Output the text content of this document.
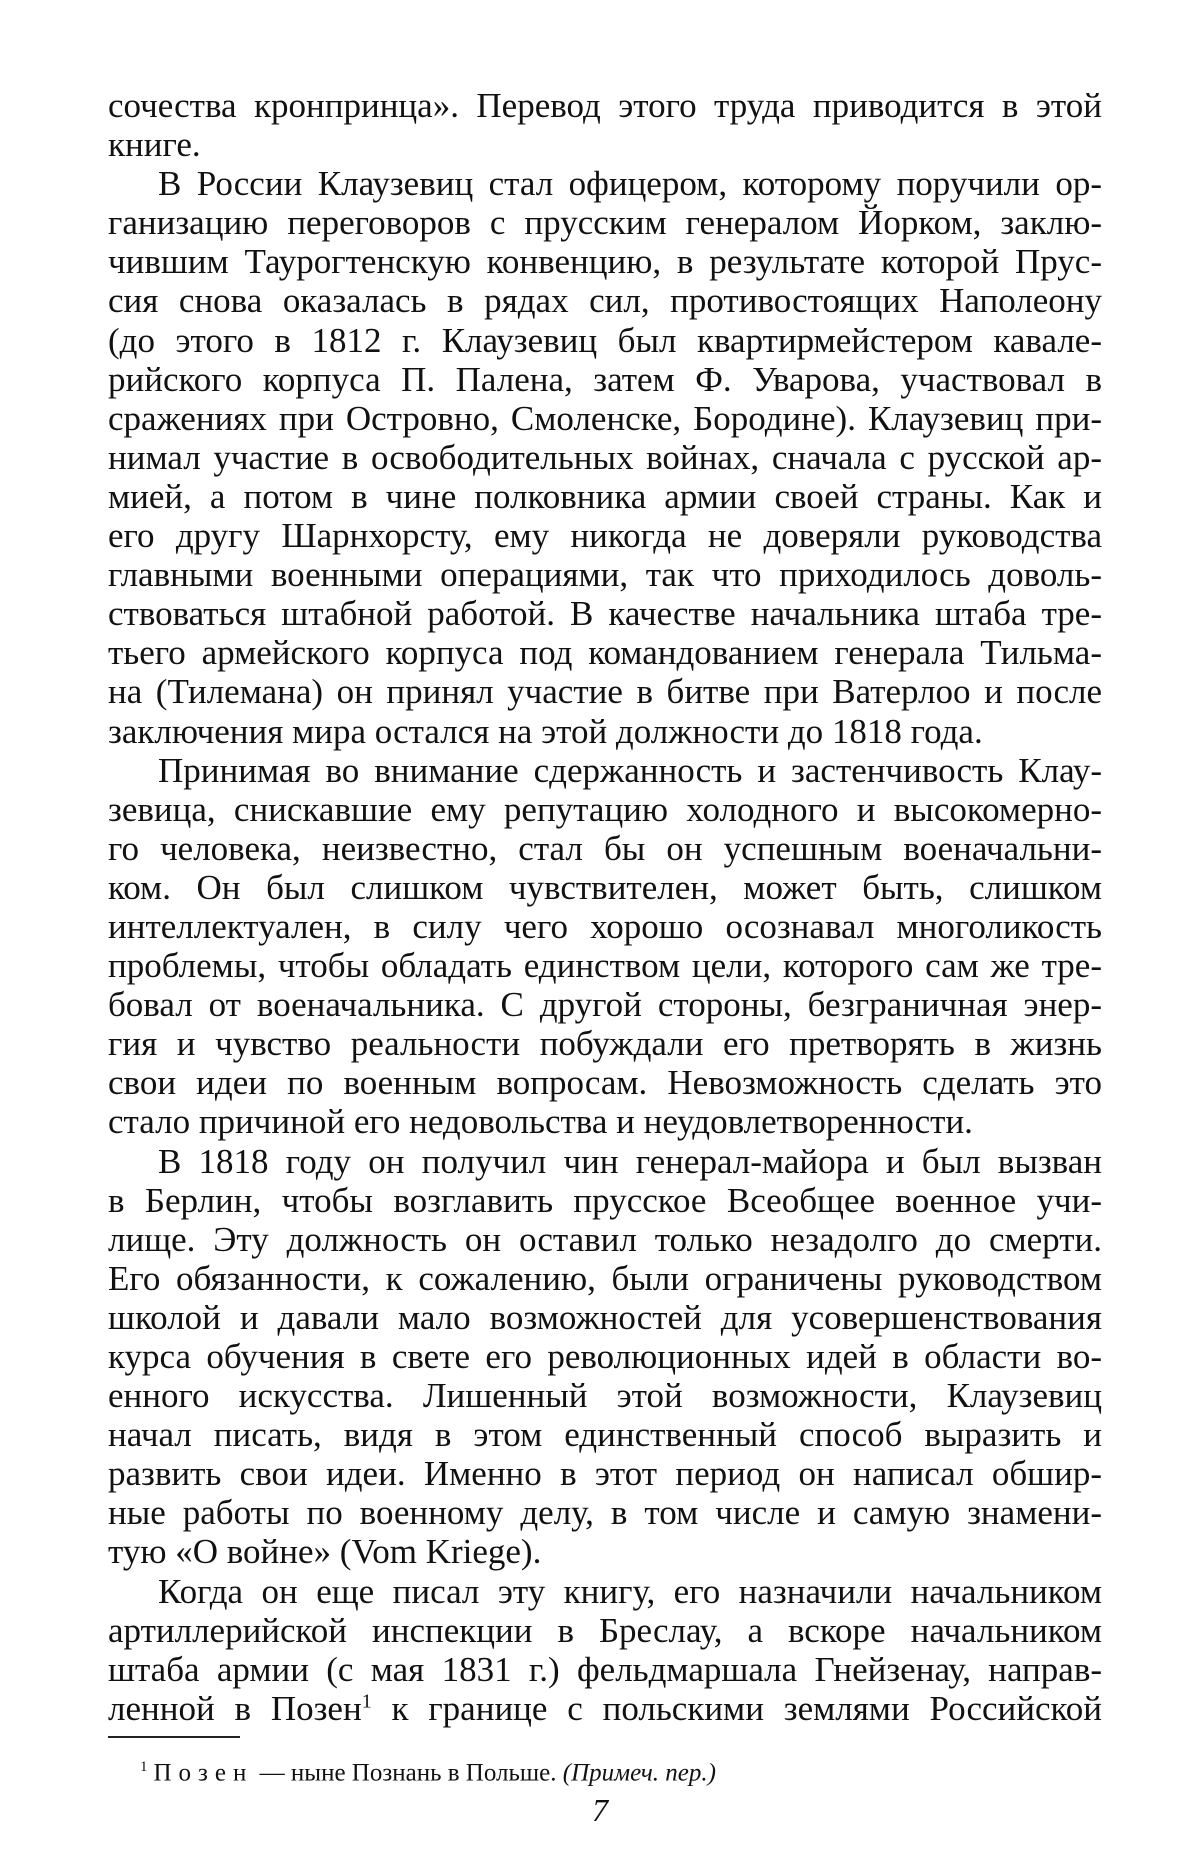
сочества кронпринца». Перевод этого труда приводится в этой
книге.
В России Клаузевиц стал офицером, которому поручили ор-
ганизацию переговоров с прусским генералом Йорком, заклю-
чившим Таурогтенскую конвенцию, в результате которой Прус-
сия снова оказалась в рядах сил, противостоящих Наполеону
(до этого в 1812 г. Клаузевиц был квартирмейстером кавале-
рийского корпуса П. Палена, затем Ф. Уварова, участвовал в
сражениях при Островно, Смоленске, Бородине). Клаузевиц при-
нимал участие в освободительных войнах, сначала с русской ар-
мией, а потом в чине полковника армии своей страны. Как и
его другу Шарнхорсту, ему никогда не доверяли руководства
главными военными операциями, так что приходилось доволь-
ствоваться штабной работой. В качестве начальника штаба тре-
тьего армейского корпуса под командованием генерала Тильма-
на (Тилемана) он принял участие в битве при Ватерлоо и после
заключения мира остался на этой должности до 1818 года.
Принимая во внимание сдержанность и застенчивость Клау-
зевица, снискавшие ему репутацию холодного и высокомерно-
го человека, неизвестно, стал бы он успешным военачальни-
ком. Он был слишком чувствителен, может быть, слишком
интеллектуален, в силу чего хорошо осознавал многоликость
проблемы, чтобы обладать единством цели, которого сам же тре-
бовал от военачальника. С другой стороны, безграничная энер-
гия и чувство реальности побуждали его претворять в жизнь
свои идеи по военным вопросам. Невозможность сделать это
стало причиной его недовольства и неудовлетворенности.
В 1818 году он получил чин генерал-майора и был вызван
в Берлин, чтобы возглавить прусское Всеобщее военное учи-
лище. Эту должность он оставил только незадолго до смерти.
Его обязанности, к сожалению, были ограничены руководством
школой и давали мало возможностей для усовершенствования
курса обучения в свете его революционных идей в области во-
енного искусства. Лишенный этой возможности, Клаузевиц
начал писать, видя в этом единственный способ выразить и
развить свои идеи. Именно в этот период он написал обшир-
ные работы по военному делу, в том числе и самую знамени-
тую «О войне» (Vom Kriege).
Когда он еще писал эту книгу, его назначили начальником
артиллерийской инспекции в Бреслау, а вскоре начальником
штаба армии (с мая 1831 г.) фельдмаршала Гнейзенау, направ-
ленной в Позен$^1$ к границе с польскими землями Российской
$^1$ Позен — ныне Познань в Польше. (Примеч. пер.)
7
